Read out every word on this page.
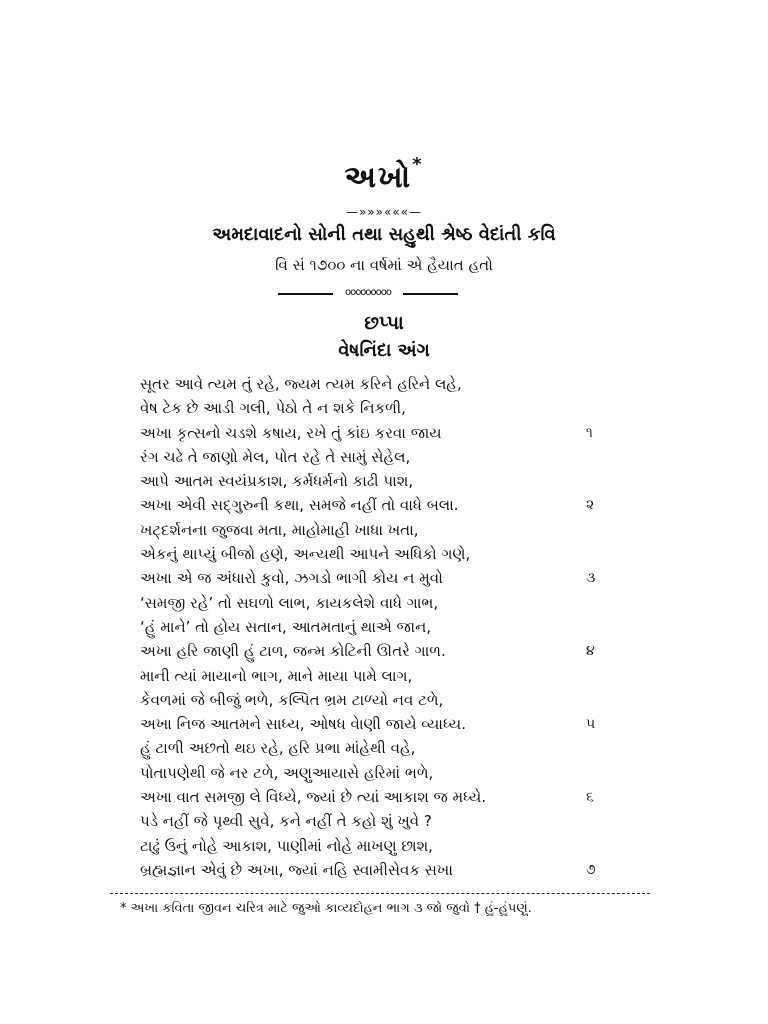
અખો*
—»»»«««—
અમદાવાદનો સોની તથા સહુથી શ્રેષ્ઠ વેદાંતી કવિ
વિ સં ૧૭૦૦ ના વર્ષમાં એ હૈયાત હતો
ooooooooo
છપ્પા
વેષનિંદા અંગ
સૂતર આવે ત્યમ તું રહે, જ્યમ ત્યમ કરિને હરિને લહે,
વેષ ટેક છે આડી ગલી, પેઠો તે ન શકે નિકળી,
અખા કૃત્સનો ચડશે કષાય, રખે તું કાંઇ કરવા જાય	૧
રંગ ચઢે તે જાણો મેલ, પોત રહે તે સામું સેહેલ,
આપે આતમ સ્વયંપ્રકાશ, કર્મધર્મનો કાઢી પાશ,
અખા એવી સદ્ગુરુની કથા, સમજે નહીં તો વાધે બલા.	૨
ખટ્દર્શનના જુજવા મતા, માહોમાહી ખાધા ખતા,
એકનું થાપ્યું બીજો હણે, અન્યથી આપને અધિકો ગણે,
અખા એ જ અંધારો કુવો, ઝગડો ભાગી કોય ન મુવો	૩
‘સમજી રહે’ તો સઘળો લાભ, કાયકલેશે વાધે ગાભ,
‘હું માને’ તો હોય સતાન, આતમતાનું થાએ જાન,
અખા હરિ જાણી હું ટાળ, જન્મ કોટિની ઊતરે ગાળ.	૪
માની ત્યાં માયાનો ભાગ, માને માયા પામે લાગ,
કેવળમાં જે બીજું ભળે, કલ્પિત ભ્રમ ટાળ્યો નવ ટળે,
અખા નિજ આતમને સાધ્ય, ઓષધ વેાણી જાયે વ્યાધ્ય.	૫
હું ટાળી અછતો થઇ રહે, હરિ પ્રભા માંહેથી વહે,
પોતાપણેથી જે નર ટળે, અણુઆયાસે હરિમાં ભળે,
અખા વાત સમજી લે વિધ્યે, જ્યાં છે ત્યાં આકાશ જ મધ્યે.	૬
પડે નહીં જે પૃથ્વી સુવે, કને નહીં તે કહો શું ખુવે ?
ટાઢું ઉનું નોહે આકાશ, પાણીમાં નોહે માખણુ છાશ,
બ્રહ્મજ્ઞાન એવું છે અખા, જ્યાં નહિ સ્વામીસેવક સખા	૭
* અખા કવિતા જીવન ચરિત્ર માટે જુઓ કાવ્યદોહન ભાગ ૩ જો જુવો † હું-હુંપણું.
